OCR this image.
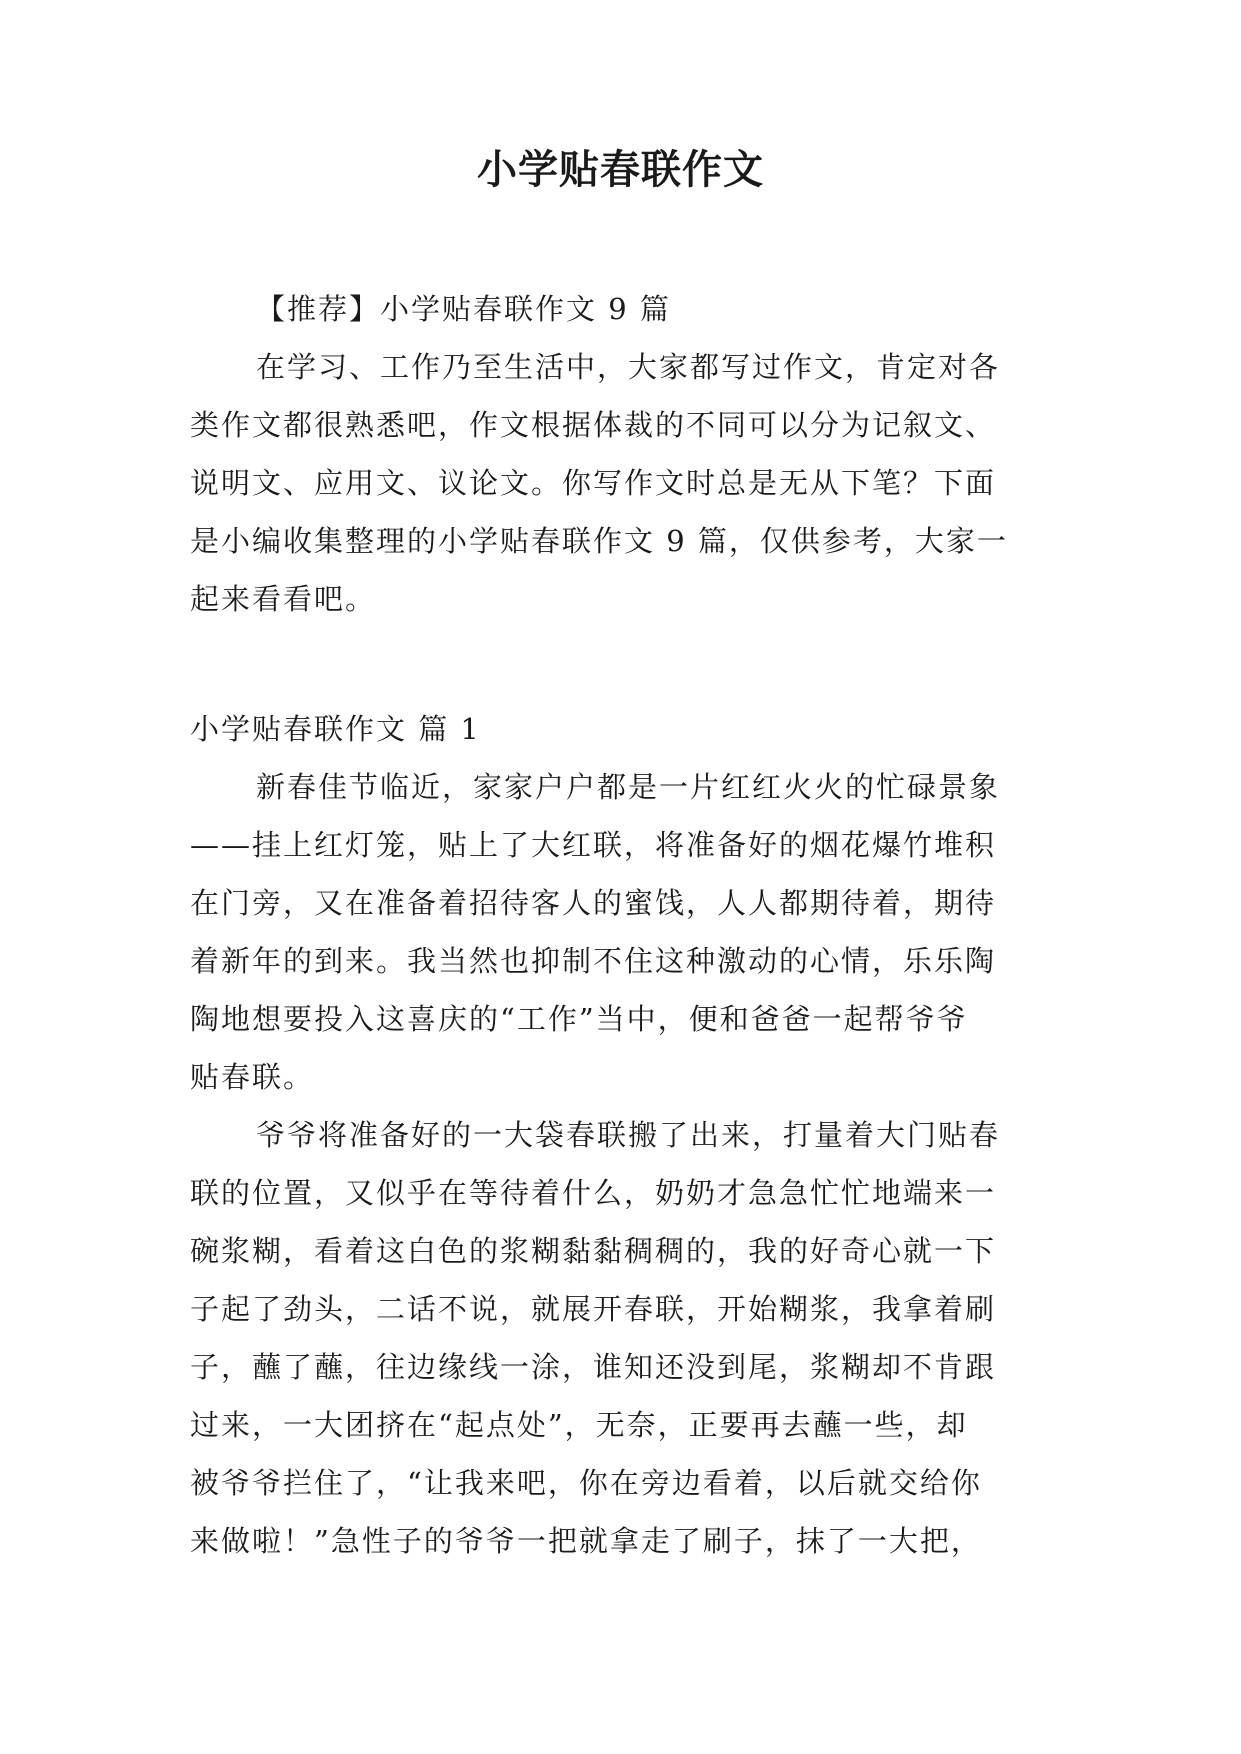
小学贴春联作文

【推荐】小学贴春联作文 9 篇

在学习、工作乃至生活中，大家都写过作文，肯定对各

类作文都很熟悉吧，作文根据体裁的不同可以分为记叙文、

说明文、应用文、议论文。你写作文时总是无从下笔？下面

是小编收集整理的小学贴春联作文 9 篇，仅供参考，大家一

起来看看吧。

小学贴春联作文 篇 1

新春佳节临近，家家户户都是一片红红火火的忙碌景象

——挂上红灯笼，贴上了大红联，将准备好的烟花爆竹堆积

在门旁，又在准备着招待客人的蜜饯，人人都期待着，期待

着新年的到来。我当然也抑制不住这种激动的心情，乐乐陶

陶地想要投入这喜庆的“工作”当中，便和爸爸一起帮爷爷

贴春联。

爷爷将准备好的一大袋春联搬了出来，打量着大门贴春

联的位置，又似乎在等待着什么，奶奶才急急忙忙地端来一

碗浆糊，看着这白色的浆糊黏黏稠稠的，我的好奇心就一下

子起了劲头，二话不说，就展开春联，开始糊浆，我拿着刷

子，蘸了蘸，往边缘线一涂，谁知还没到尾，浆糊却不肯跟

过来，一大团挤在“起点处”，无奈，正要再去蘸一些，却

被爷爷拦住了，“让我来吧，你在旁边看着，以后就交给你

来做啦！”急性子的爷爷一把就拿走了刷子，抹了一大把，
